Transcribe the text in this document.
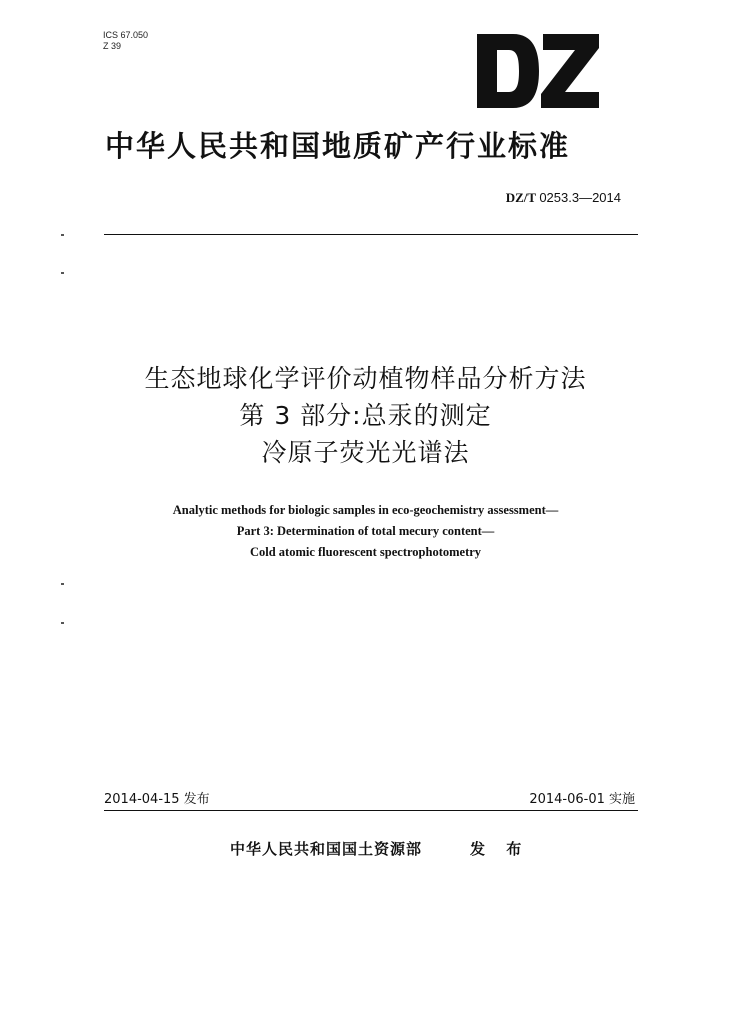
ICS 67.050
Z 39
中华人民共和国地质矿产行业标准
DZ/T 0253.3—2014
生态地球化学评价动植物样品分析方法
第 3 部分:总汞的测定
冷原子荧光光谱法
Analytic methods for biologic samples in eco-geochemistry assessment—
Part 3: Determination of total mecury content—
Cold atomic fluorescent spectrophotometry
2014-04-15 发布	2014-06-01 实施
中华人民共和国国土资源部	发 布
